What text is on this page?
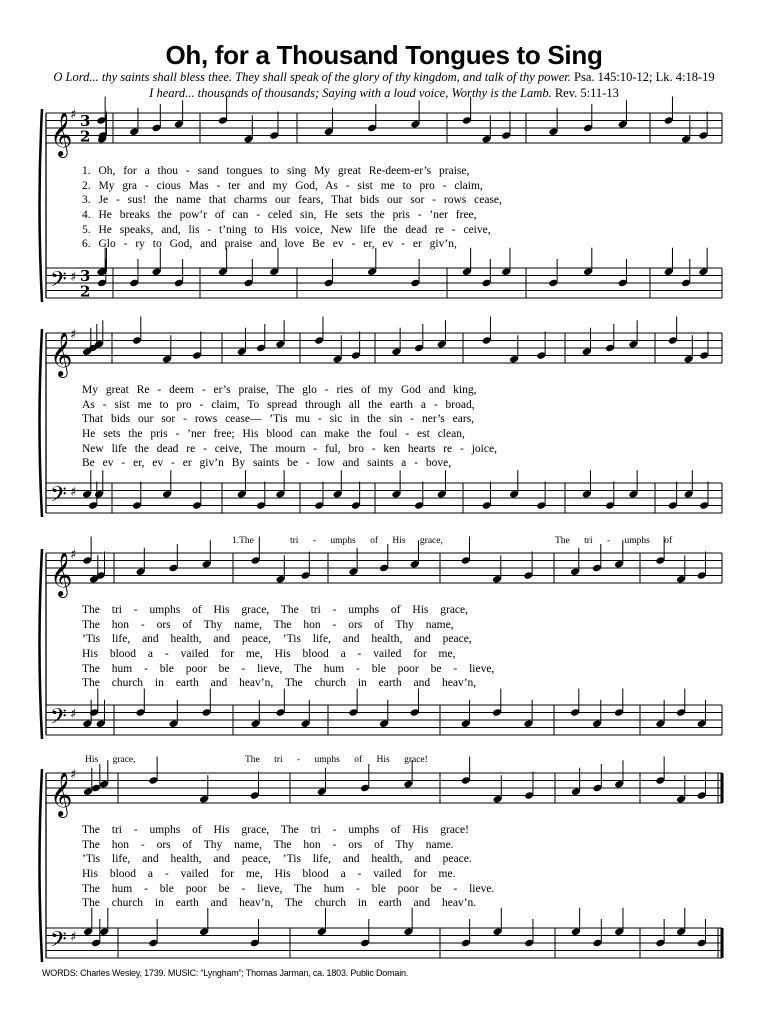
Oh, for a Thousand Tongues to Sing
O Lord... thy saints shall bless thee. They shall speak of the glory of thy kingdom, and talk of thy power. Psa. 145:10-12; Lk. 4:18-19
I heard... thousands of thousands; Saying with a loud voice, Worthy is the Lamb. Rev. 5:11-13
𝄞
♯ 3
2
𝄢 ♯ 3
2
𝄞
♯
𝄢 ♯
𝄞
♯
𝄢 ♯
𝄞
♯
𝄢 ♯
1. Oh, for a thou - sand tongues to sing My great Re-deem-er’s praise,
2. My gra - cious Mas - ter and my God, As - sist me to pro - claim,
3. Je - sus! the name that charms our fears, That bids our sor - rows cease,
4. He breaks the pow’r of can - celed sin, He sets the pris - ’ner free,
5. He speaks, and, lis - t’ning to His voice, New life the dead re - ceive,
6. Glo - ry to God, and praise and love Be ev - er, ev - er giv’n,
My great Re - deem - er’s praise, The glo - ries of my God and king,
As - sist me to pro - claim, To spread through all the earth a - broad,
That bids our sor - rows cease— ’Tis mu - sic in the sin - ner’s ears,
He sets the pris - ’ner free; His blood can make the foul - est clean,
New life the dead re - ceive, The mourn - ful, bro - ken hearts re - joice,
Be ev - er, ev - er giv’n By saints be - low and saints a - bove,
The tri - umphs of His grace, The tri - umphs of His grace,
The hon - ors of Thy name, The hon - ors of Thy name,
’Tis life, and health, and peace, ’Tis life, and health, and peace,
His blood a - vailed for me, His blood a - vailed for me,
The hum - ble poor be - lieve, The hum - ble poor be - lieve,
The church in earth and heav’n, The church in earth and heav’n,
The tri - umphs of His grace, The tri - umphs of His grace!
The hon - ors of Thy name, The hon - ors of Thy name.
’Tis life, and health, and peace, ’Tis life, and health, and peace.
His blood a - vailed for me, His blood a - vailed for me.
The hum - ble poor be - lieve, The hum - ble poor be - lieve.
The church in earth and heav’n, The church in earth and heav’n.
1.The	tri - umphs of His grace,	The tri - umphs of
His grace,	The tri - umphs of His grace!
WORDS: Charles Wesley, 1739. MUSIC: “Lyngham”; Thomas Jarman, ca. 1803. Public Domain.
